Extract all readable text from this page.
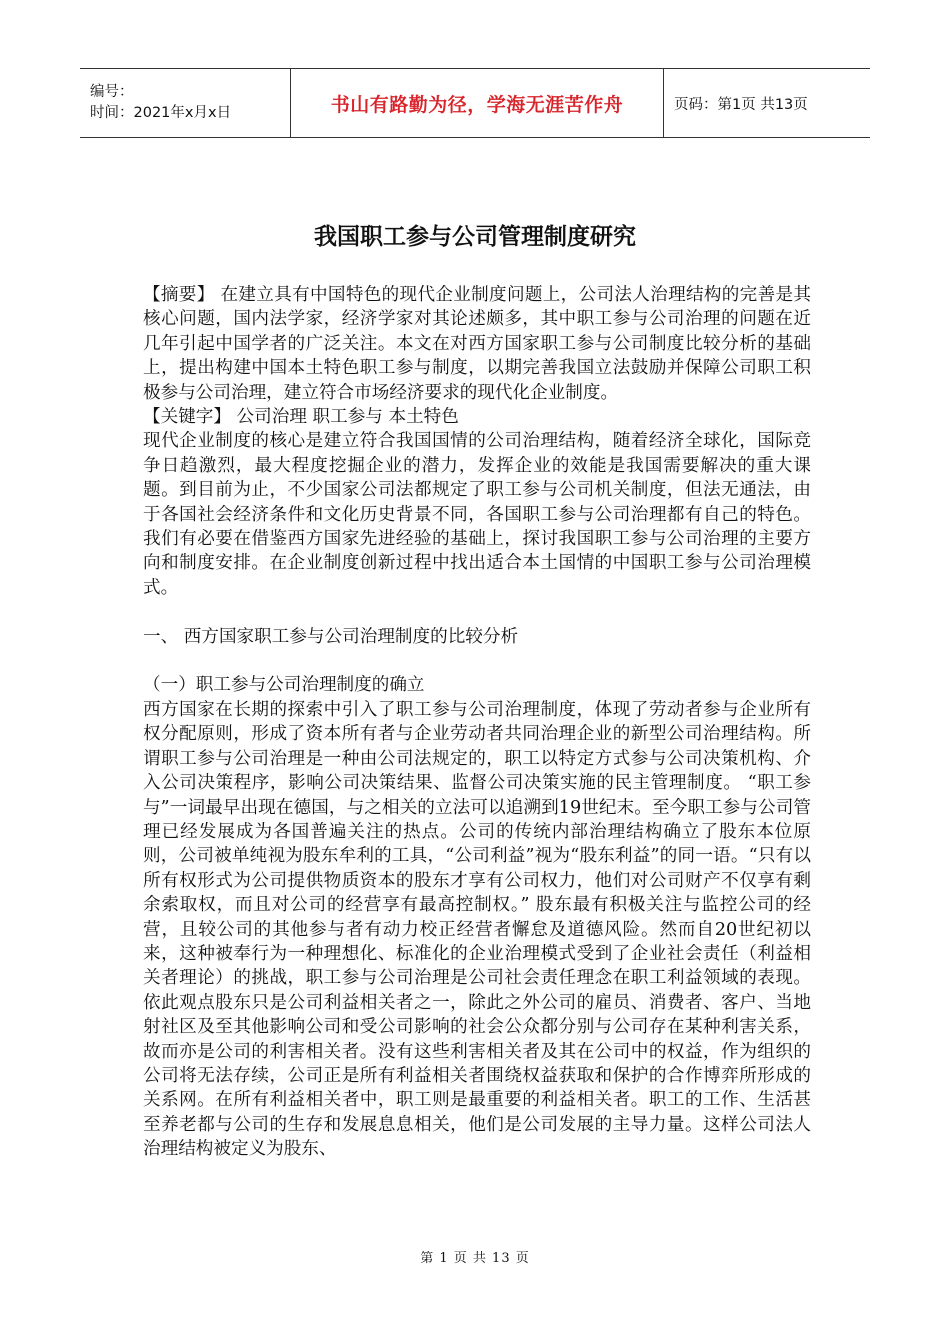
编号：
时间：2021年x月x日	书山有路勤为径，学海无涯苦作舟	页码：第1页 共13页
我国职工参与公司管理制度研究

【摘要】 在建立具有中国特色的现代企业制度问题上，公司法人治理结构的完善是其核心问题，国内法学家，经济学家对其论述颇多，其中职工参与公司治理的问题在近几年引起中国学者的广泛关注。本文在对西方国家职工参与公司制度比较分析的基础上，提出构建中国本土特色职工参与制度，以期完善我国立法鼓励并保障公司职工积极参与公司治理，建立符合市场经济要求的现代化企业制度。

【关键字】 公司治理 职工参与 本土特色

现代企业制度的核心是建立符合我国国情的公司治理结构，随着经济全球化，国际竞争日趋激烈，最大程度挖掘企业的潜力，发挥企业的效能是我国需要解决的重大课题。到目前为止，不少国家公司法都规定了职工参与公司机关制度，但法无通法，由于各国社会经济条件和文化历史背景不同，各国职工参与公司治理都有自己的特色。我们有必要在借鉴西方国家先进经验的基础上，探讨我国职工参与公司治理的主要方向和制度安排。在企业制度创新过程中找出适合本土国情的中国职工参与公司治理模式。

一、 西方国家职工参与公司治理制度的比较分析

（一）职工参与公司治理制度的确立

西方国家在长期的探索中引入了职工参与公司治理制度，体现了劳动者参与企业所有权分配原则，形成了资本所有者与企业劳动者共同治理企业的新型公司治理结构。所谓职工参与公司治理是一种由公司法规定的，职工以特定方式参与公司决策机构、介入公司决策程序，影响公司决策结果、监督公司决策实施的民主管理制度。 “职工参与”一词最早出现在德国，与之相关的立法可以追溯到19世纪末。至今职工参与公司管理已经发展成为各国普遍关注的热点。公司的传统内部治理结构确立了股东本位原则，公司被单纯视为股东牟利的工具，“公司利益”视为“股东利益”的同一语。“只有以所有权形式为公司提供物质资本的股东才享有公司权力，他们对公司财产不仅享有剩余索取权，而且对公司的经营享有最高控制权。” 股东最有积极关注与监控公司的经营，且较公司的其他参与者有动力校正经营者懈怠及道德风险。然而自20世纪初以来，这种被奉行为一种理想化、标准化的企业治理模式受到了企业社会责任（利益相关者理论）的挑战，职工参与公司治理是公司社会责任理念在职工利益领域的表现。依此观点股东只是公司利益相关者之一，除此之外公司的雇员、消费者、客户、当地射社区及至其他影响公司和受公司影响的社会公众都分别与公司存在某种利害关系，故而亦是公司的利害相关者。没有这些利害相关者及其在公司中的权益，作为组织的公司将无法存续，公司正是所有利益相关者围绕权益获取和保护的合作博弈所形成的关系网。在所有利益相关者中，职工则是最重要的利益相关者。职工的工作、生活甚至养老都与公司的生存和发展息息相关，他们是公司发展的主导力量。这样公司法人治理结构被定义为股东、

第 1 页 共 13 页
